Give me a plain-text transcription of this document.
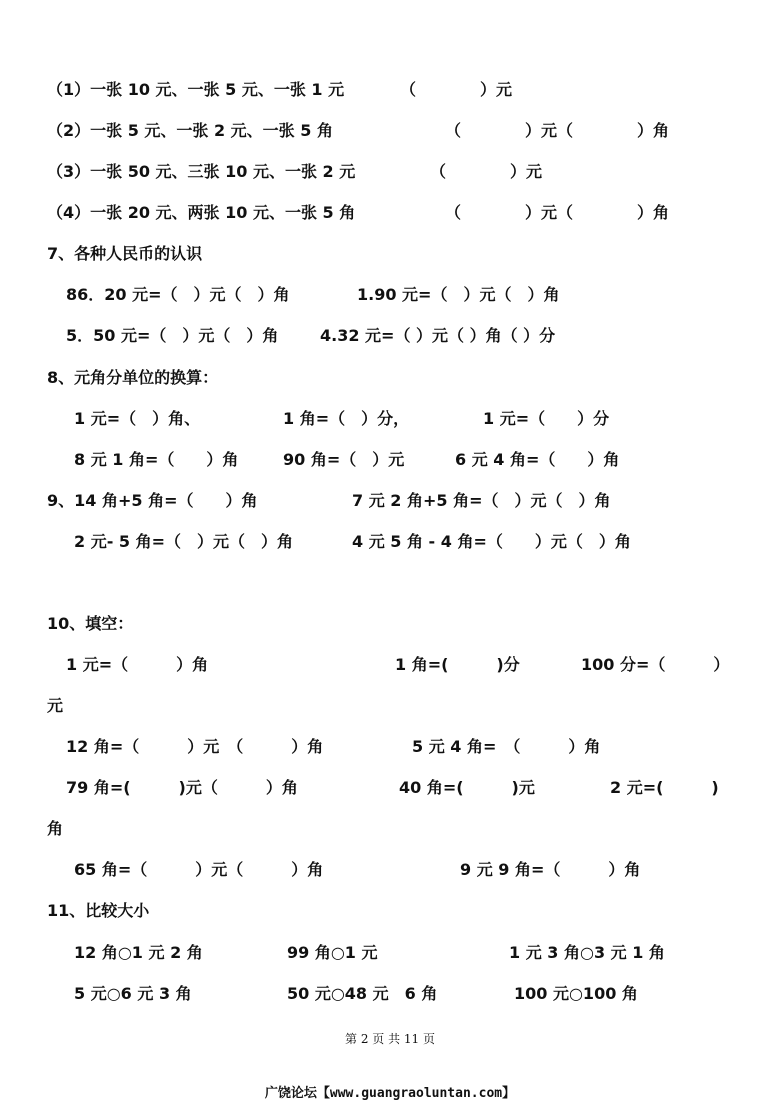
（1）一张 10 元、一张 5 元、一张 1 元	（　　　　）元
（2）一张 5 元、一张 2 元、一张 5 角	（　　　　）元（　　　　）角
（3）一张 50 元、三张 10 元、一张 2 元	（　　　　）元
（4）一张 20 元、两张 10 元、一张 5 角	（　　　　）元（　　　　）角
7、各种人民币的认识
86．20 元=（　）元（　）角	1.90 元=（　）元（　）角
5．50 元=（　）元（　）角	4.32 元=（ ）元（ ）角（ ）分
8、元角分单位的换算：
1 元=（　）角、	1 角=（　）分，	1 元=（　　）分
8 元 1 角=（　　）角	90 角=（　）元	6 元 4 角=（　　）角
9、14 角+5 角=（　　）角	7 元 2 角+5 角=（　）元（　）角
2 元- 5 角=（　）元（　）角	4 元 5 角 - 4 角=（　　）元（　）角
10、填空：
1 元=（　　　）角	1 角=(　　　)分	100 分=（　　　）
元
12 角=（　　　）元　（　　　）角	5 元 4 角=　（　　　）角
79 角=(　　　)元（　　　）角	40 角=(　　　)元	2 元=(　　　)
角
65 角=（　　　）元（　　　）角	9 元 9 角=（　　　）角
11、比较大小
12 角○1 元 2 角	99 角○1 元	1 元 3 角○3 元 1 角
5 元○6 元 3 角	50 元○48 元　6 角	100 元○100 角
第 2 页 共 11 页
广饶论坛【www.guangraoluntan.com】
